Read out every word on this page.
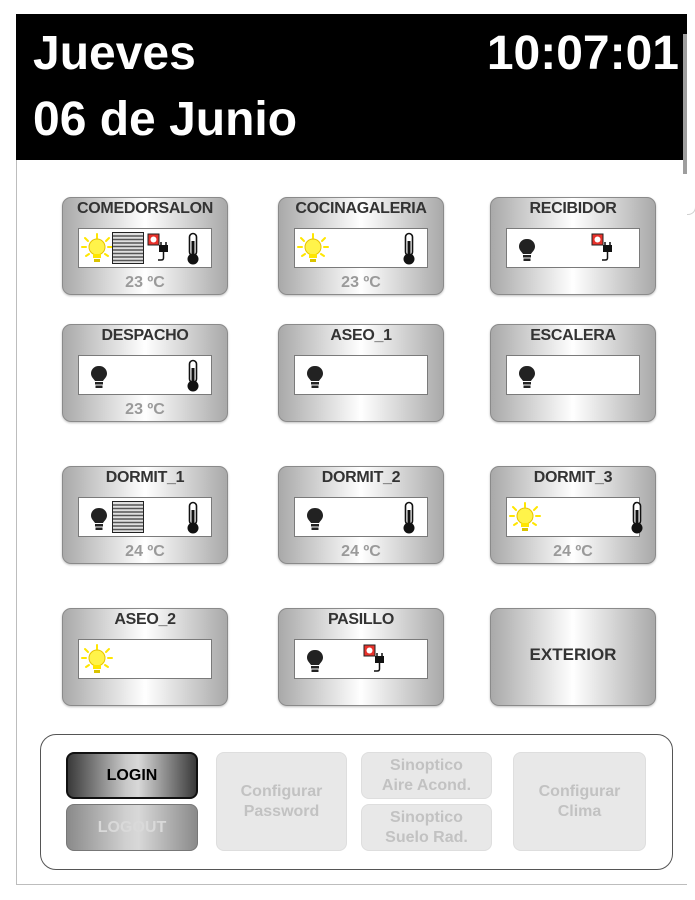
Jueves
06 de Junio
10:07:01
COMEDORSALON
23 ºC
COCINAGALERIA
23 ºC
RECIBIDOR
DESPACHO
23 ºC
ASEO_1	ESCALERA
DORMIT_1
24 ºC
DORMIT_2
24 ºC
DORMIT_3
24 ºC
ASEO_2	PASILLO
EXTERIOR
LOGIN
LOGOUT
Configurar
Password
Sinoptico
Aire Acond.
Sinoptico
Suelo Rad.
Configurar
Clima
